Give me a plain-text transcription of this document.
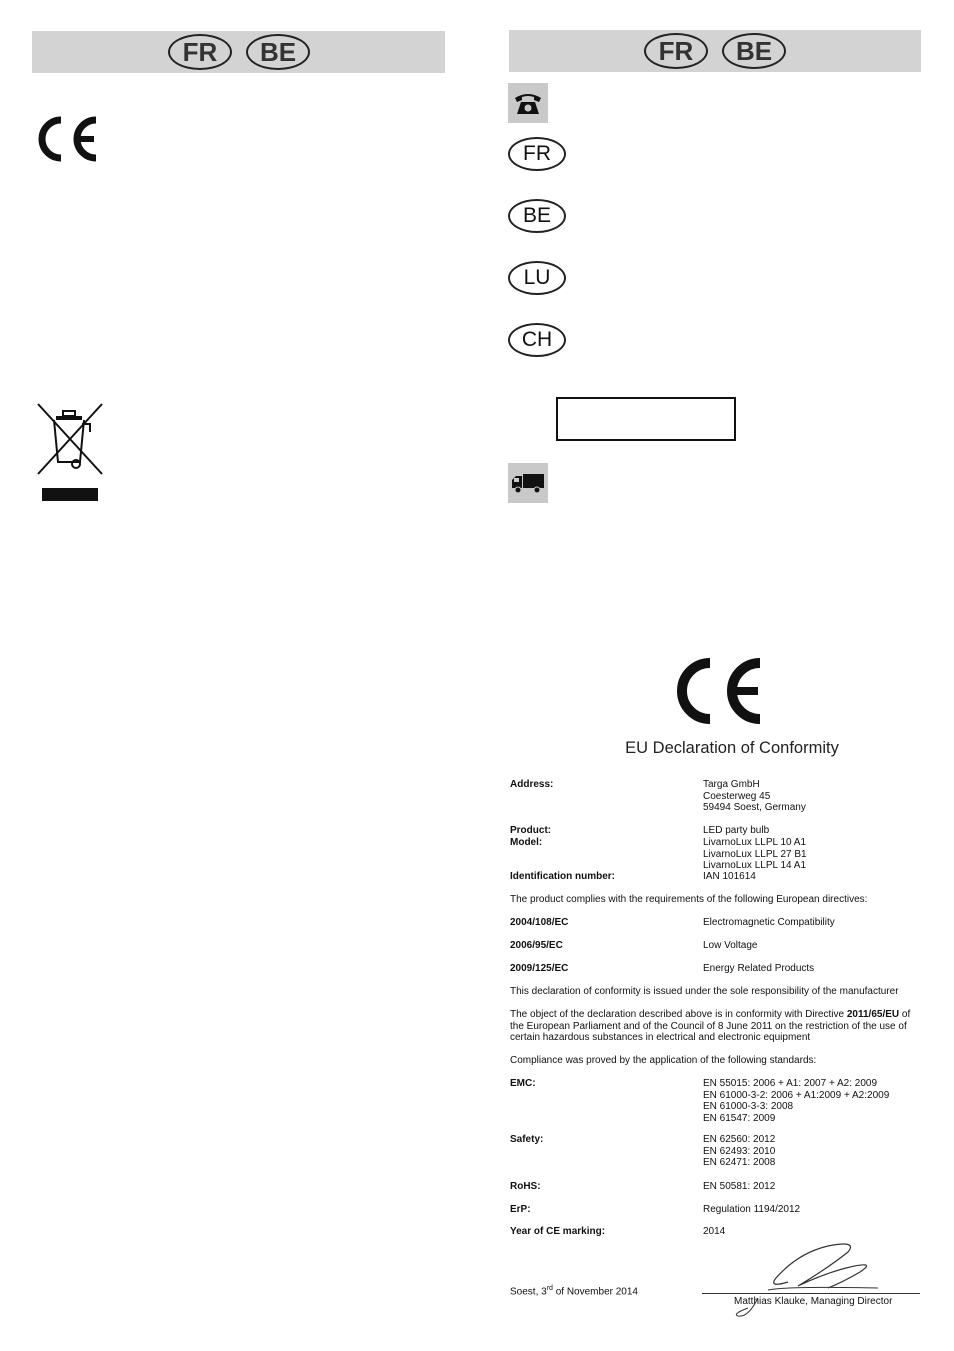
FR	BE	FR	BE
FR
BE
LU
CH
EU Declaration of Conformity
Address:	Targa GmbH
Coesterweg 45
59494 Soest, Germany
Product:	LED party bulb
Model:	LivarnoLux LLPL 10 A1
LivarnoLux LLPL 27 B1
LivarnoLux LLPL 14 A1
Identification number:	IAN 101614
The product complies with the requirements of the following European directives:
2004/108/EC	Electromagnetic Compatibility
2006/95/EC	Low Voltage
2009/125/EC	Energy Related Products
This declaration of conformity is issued under the sole responsibility of the manufacturer
The object of the declaration described above is in conformity with Directive 2011/65/EU of
the European Parliament and of the Council of 8 June 2011 on the restriction of the use of
certain hazardous substances in electrical and electronic equipment
Compliance was proved by the application of the following standards:
EMC:	EN 55015: 2006 + A1: 2007 + A2: 2009
EN 61000-3-2: 2006 + A1:2009 + A2:2009
EN 61000-3-3: 2008
EN 61547: 2009
Safety:	EN 62560: 2012
EN 62493: 2010
EN 62471: 2008
RoHS:	EN 50581: 2012
ErP:	Regulation 1194/2012
Year of CE marking:	2014
Soest, 3rd of November 2014
Matthias Klauke, Managing Director
